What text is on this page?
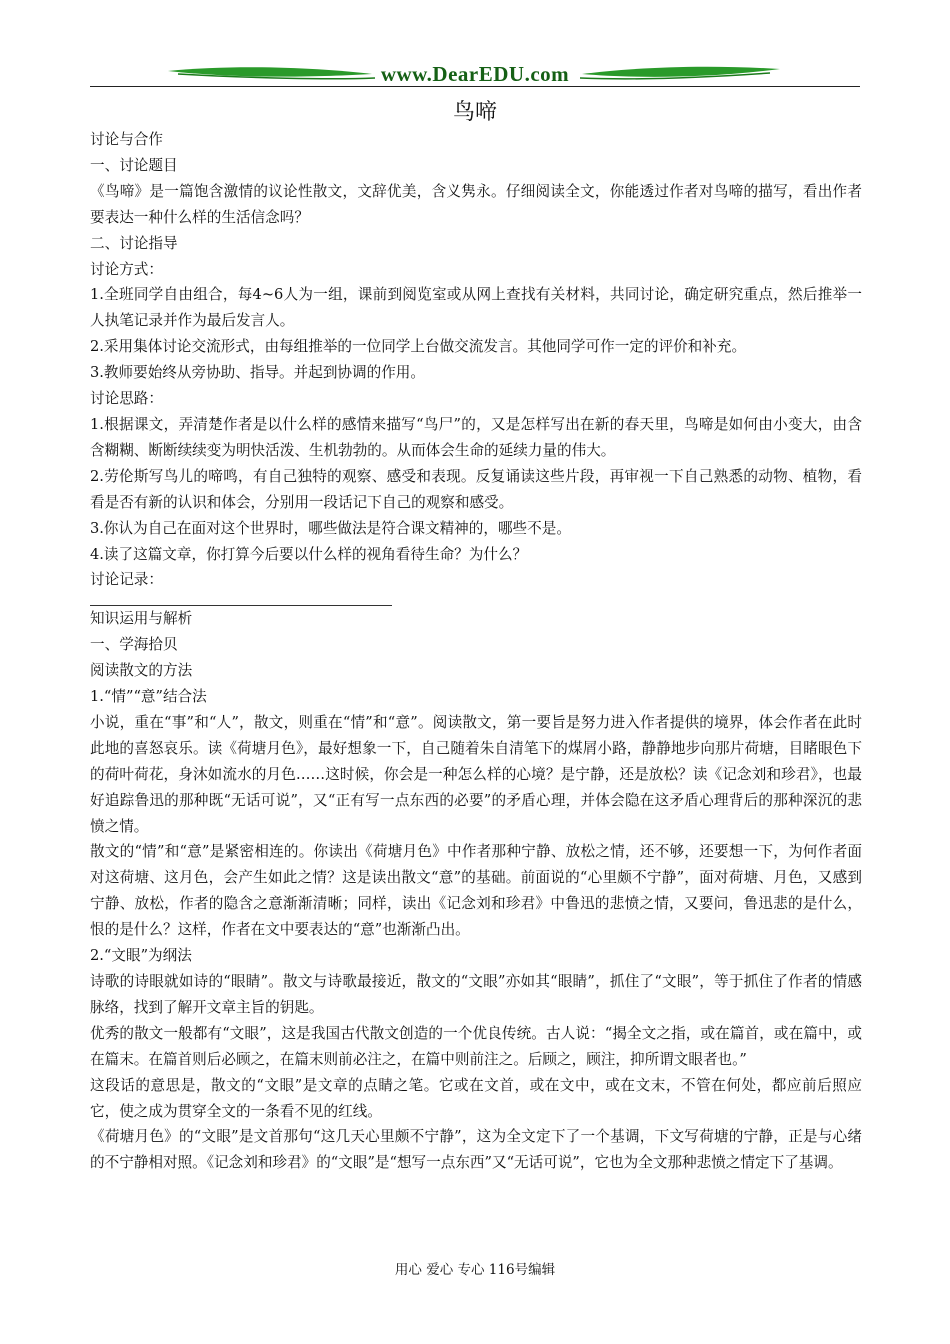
www.DearEDU.com
鸟啼

讨论与合作

一、讨论题目

《鸟啼》是一篇饱含激情的议论性散文，文辞优美，含义隽永。仔细阅读全文，你能透过作者对鸟啼的描写，看出作者要表达一种什么样的生活信念吗？

二、讨论指导

讨论方式：

1.全班同学自由组合，每4~6人为一组，课前到阅览室或从网上查找有关材料，共同讨论，确定研究重点，然后推举一人执笔记录并作为最后发言人。

2.采用集体讨论交流形式，由每组推举的一位同学上台做交流发言。其他同学可作一定的评价和补充。

3.教师要始终从旁协助、指导。并起到协调的作用。

讨论思路：

1.根据课文，弄清楚作者是以什么样的感情来描写“鸟尸”的，又是怎样写出在新的春天里，鸟啼是如何由小变大，由含含糊糊、断断续续变为明快活泼、生机勃勃的。从而体会生命的延续力量的伟大。

2.劳伦斯写鸟儿的啼鸣，有自己独特的观察、感受和表现。反复诵读这些片段，再审视一下自己熟悉的动物、植物，看看是否有新的认识和体会，分别用一段话记下自己的观察和感受。

3.你认为自己在面对这个世界时，哪些做法是符合课文精神的，哪些不是。

4.读了这篇文章，你打算今后要以什么样的视角看待生命？为什么？

讨论记录：

知识运用与解析

一、学海拾贝

阅读散文的方法

1.“情”“意”结合法

小说，重在“事”和“人”，散文，则重在“情”和“意”。阅读散文，第一要旨是努力进入作者提供的境界，体会作者在此时此地的喜怒哀乐。读《荷塘月色》，最好想象一下，自己随着朱自清笔下的煤屑小路，静静地步向那片荷塘，目睹眼色下的荷叶荷花，身沐如流水的月色……这时候，你会是一种怎么样的心境？是宁静，还是放松？读《记念刘和珍君》，也最好追踪鲁迅的那种既“无话可说”，又“正有写一点东西的必要”的矛盾心理，并体会隐在这矛盾心理背后的那种深沉的悲愤之情。

散文的“情”和“意”是紧密相连的。你读出《荷塘月色》中作者那种宁静、放松之情，还不够，还要想一下，为何作者面对这荷塘、这月色，会产生如此之情？这是读出散文“意”的基础。前面说的“心里颇不宁静”，面对荷塘、月色，又感到宁静、放松，作者的隐含之意渐渐清晰；同样，读出《记念刘和珍君》中鲁迅的悲愤之情，又要问，鲁迅悲的是什么，恨的是什么？这样，作者在文中要表达的“意”也渐渐凸出。

2.“文眼”为纲法

诗歌的诗眼就如诗的“眼睛”。散文与诗歌最接近，散文的“文眼”亦如其“眼睛”，抓住了“文眼”，等于抓住了作者的情感脉络，找到了解开文章主旨的钥匙。

优秀的散文一般都有“文眼”，这是我国古代散文创造的一个优良传统。古人说：“揭全文之指，或在篇首，或在篇中，或在篇末。在篇首则后必顾之，在篇末则前必注之，在篇中则前注之。后顾之，顾注，抑所谓文眼者也。”

这段话的意思是，散文的“文眼”是文章的点睛之笔。它或在文首，或在文中，或在文末，不管在何处，都应前后照应它，使之成为贯穿全文的一条看不见的红线。

《荷塘月色》的“文眼”是文首那句“这几天心里颇不宁静”，这为全文定下了一个基调，下文写荷塘的宁静，正是与心绪的不宁静相对照。《记念刘和珍君》的“文眼”是“想写一点东西”又“无话可说”，它也为全文那种悲愤之情定下了基调。

用心 爱心 专心 116号编辑
